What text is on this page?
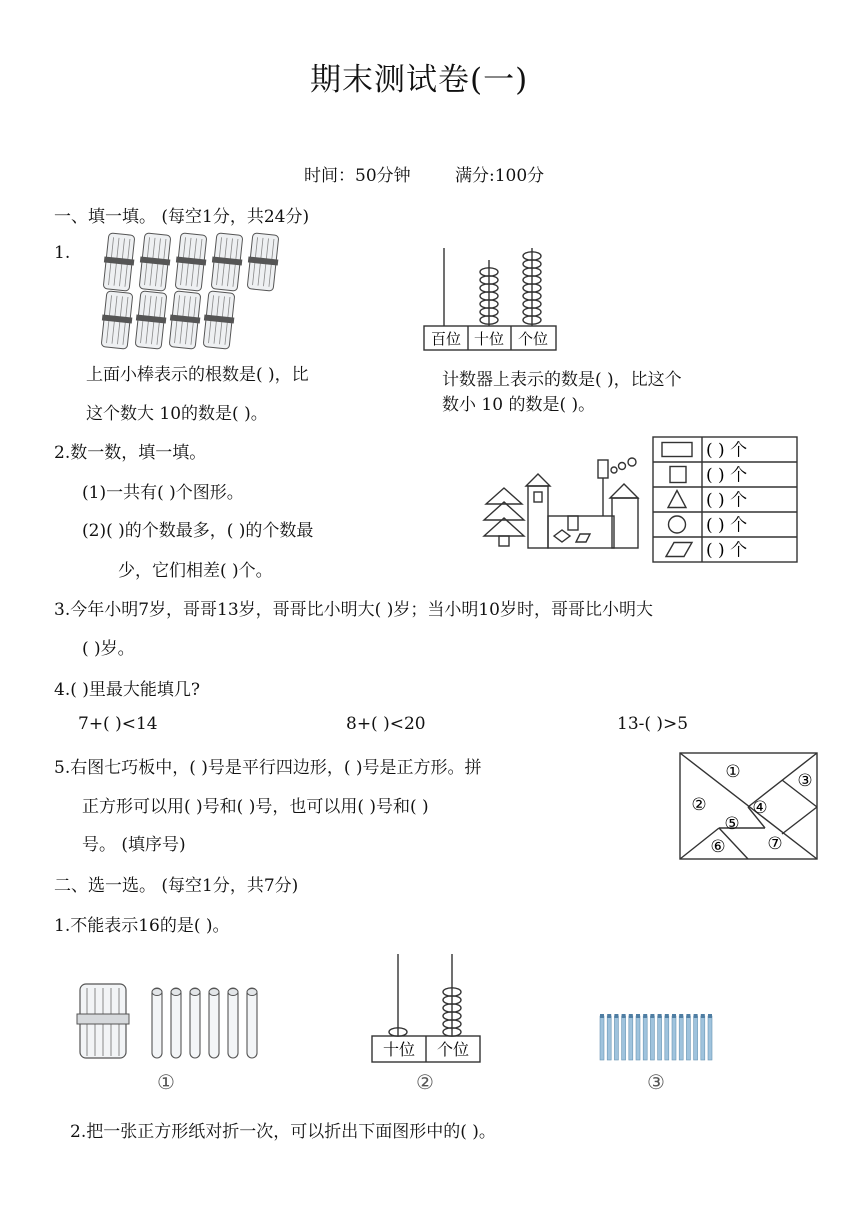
期末测试卷(一)
时间：50分钟	满分:100分
一、填一填。 (每空1分，共24分)
1.
百位 十位 个位
上面小棒表示的根数是( )，比
这个数大 10的数是( )。
计数器上表示的数是( )，比这个
数小 10 的数是( )。
2.数一数，填一填。
(1)一共有( )个图形。
(2)( )的个数最多，( )的个数最
少，它们相差( )个。
( ) 个
( ) 个
( ) 个
( ) 个
( ) 个
3.今年小明7岁，哥哥13岁，哥哥比小明大( )岁；当小明10岁时，哥哥比小明大
( )岁。
4.( )里最大能填几?
7+( )<14	8+( )<20	13-( )>5
5.右图七巧板中，( )号是平行四边形，( )号是正方形。拼
正方形可以用( )号和( )号，也可以用( )号和( )
号。 (填序号)
①
②
③
④
⑤
⑥ ⑦
二、选一选。 (每空1分，共7分)
1.不能表示16的是( )。
①
十位 个位
②	③
2.把一张正方形纸对折一次，可以折出下面图形中的( )。
